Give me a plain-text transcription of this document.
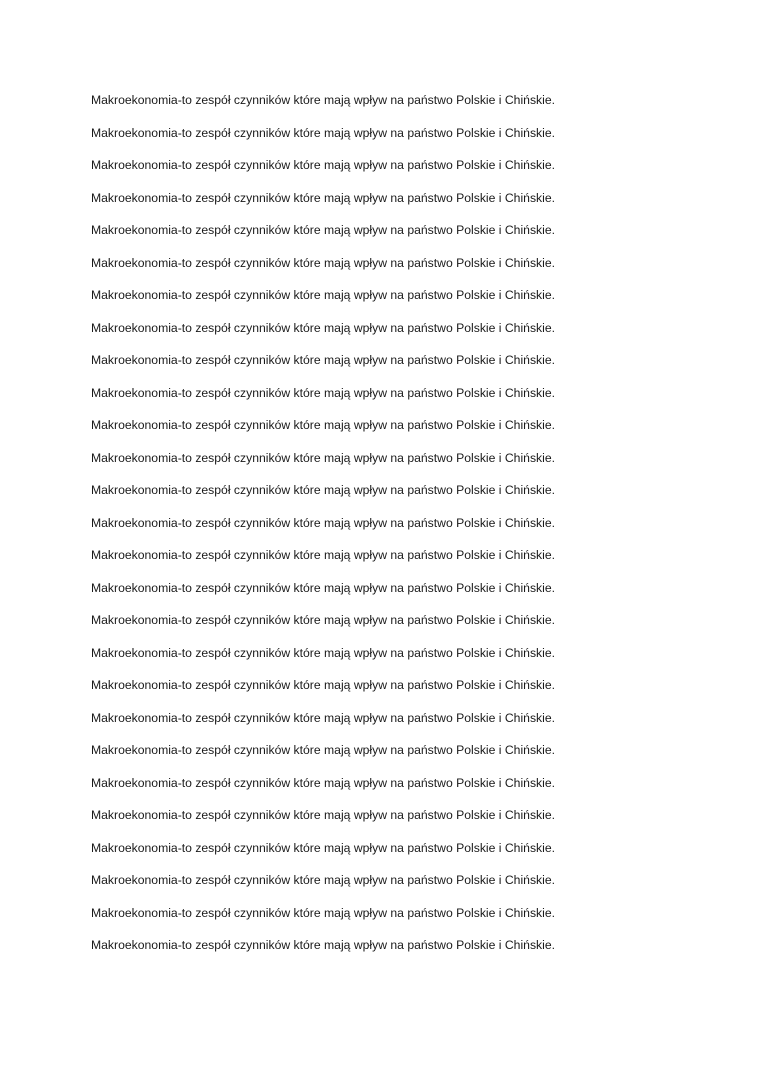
Makroekonomia-to zespół czynników które mają wpływ na państwo Polskie i Chińskie.

Makroekonomia-to zespół czynników które mają wpływ na państwo Polskie i Chińskie.

Makroekonomia-to zespół czynników które mają wpływ na państwo Polskie i Chińskie.

Makroekonomia-to zespół czynników które mają wpływ na państwo Polskie i Chińskie.

Makroekonomia-to zespół czynników które mają wpływ na państwo Polskie i Chińskie.

Makroekonomia-to zespół czynników które mają wpływ na państwo Polskie i Chińskie.

Makroekonomia-to zespół czynników które mają wpływ na państwo Polskie i Chińskie.

Makroekonomia-to zespół czynników które mają wpływ na państwo Polskie i Chińskie.

Makroekonomia-to zespół czynników które mają wpływ na państwo Polskie i Chińskie.

Makroekonomia-to zespół czynników które mają wpływ na państwo Polskie i Chińskie.

Makroekonomia-to zespół czynników które mają wpływ na państwo Polskie i Chińskie.

Makroekonomia-to zespół czynników które mają wpływ na państwo Polskie i Chińskie.

Makroekonomia-to zespół czynników które mają wpływ na państwo Polskie i Chińskie.

Makroekonomia-to zespół czynników które mają wpływ na państwo Polskie i Chińskie.

Makroekonomia-to zespół czynników które mają wpływ na państwo Polskie i Chińskie.

Makroekonomia-to zespół czynników które mają wpływ na państwo Polskie i Chińskie.

Makroekonomia-to zespół czynników które mają wpływ na państwo Polskie i Chińskie.

Makroekonomia-to zespół czynników które mają wpływ na państwo Polskie i Chińskie.

Makroekonomia-to zespół czynników które mają wpływ na państwo Polskie i Chińskie.

Makroekonomia-to zespół czynników które mają wpływ na państwo Polskie i Chińskie.

Makroekonomia-to zespół czynników które mają wpływ na państwo Polskie i Chińskie.

Makroekonomia-to zespół czynników które mają wpływ na państwo Polskie i Chińskie.

Makroekonomia-to zespół czynników które mają wpływ na państwo Polskie i Chińskie.

Makroekonomia-to zespół czynników które mają wpływ na państwo Polskie i Chińskie.

Makroekonomia-to zespół czynników które mają wpływ na państwo Polskie i Chińskie.

Makroekonomia-to zespół czynników które mają wpływ na państwo Polskie i Chińskie.

Makroekonomia-to zespół czynników które mają wpływ na państwo Polskie i Chińskie.
